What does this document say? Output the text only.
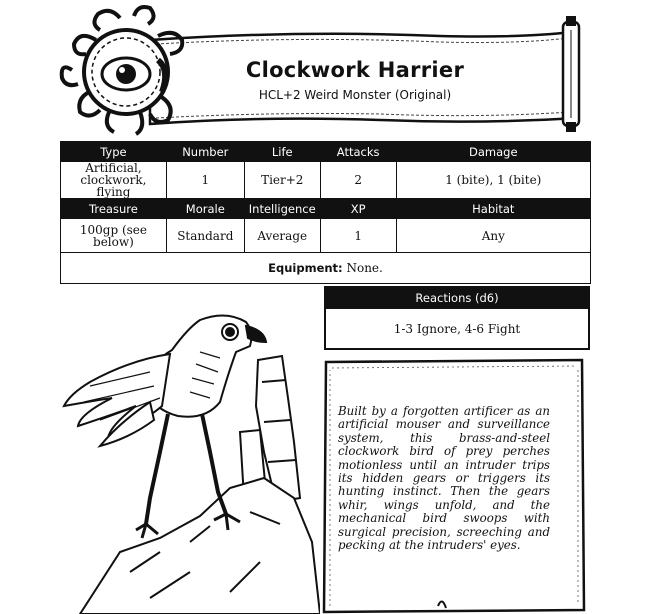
Clockwork Harrier
HCL+2 Weird Monster (Original)
Type	Number	Life	Attacks	Damage
Artificial, clockwork, flying	1	Tier+2	2	1 (bite), 1 (bite)
Treasure	Morale	Intelligence	XP	Habitat
100gp (see below)	Standard	Average	1	Any
Equipment: None.				
Reactions (d6)
1-3 Ignore, 4-6 Fight
Built by a forgotten artificer as an artificial mouser and surveillance system, this brass-and-steel clockwork bird of prey perches motionless until an intruder trips its hidden gears or triggers its hunting instinct. Then the gears whir, wings unfold, and the mechanical bird swoops with surgical precision, screeching and pecking at the intruders' eyes.
